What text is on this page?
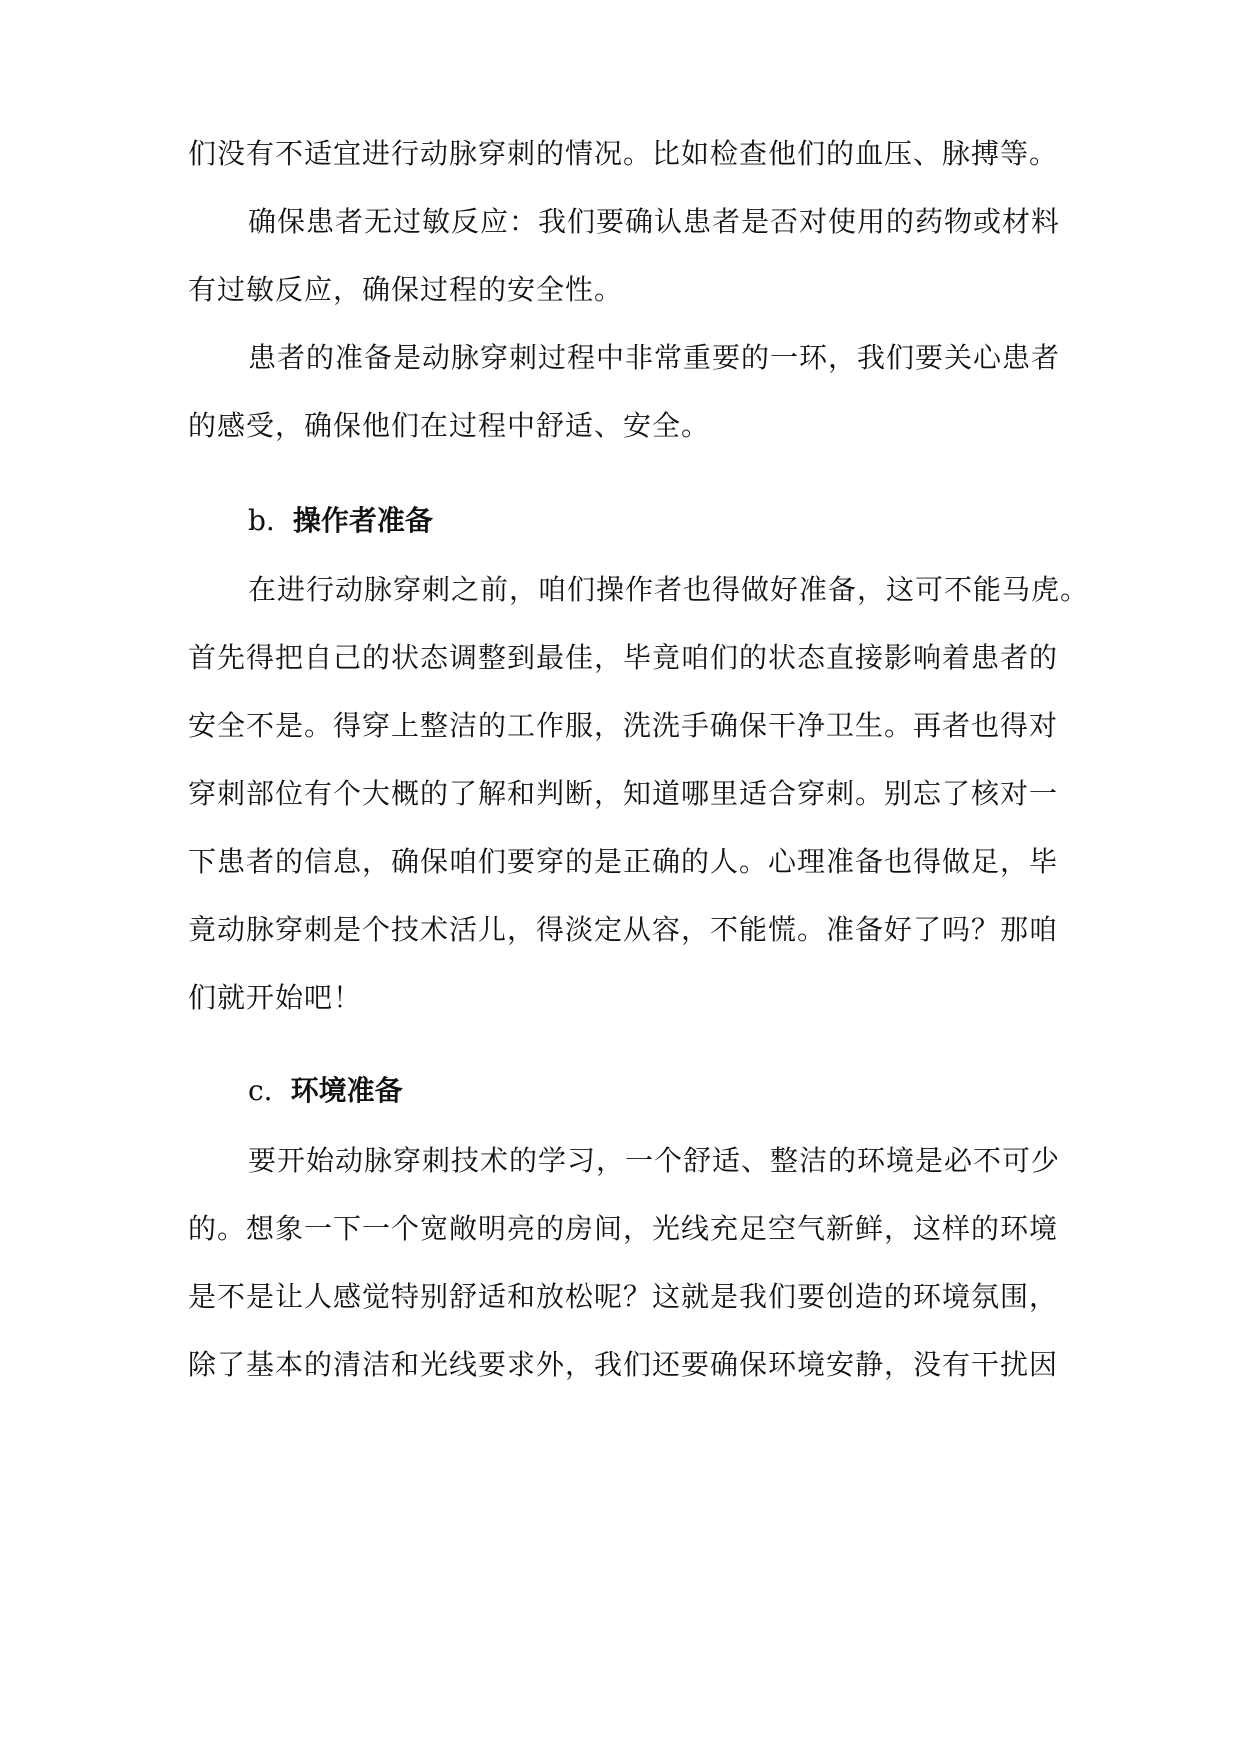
们没有不适宜进行动脉穿刺的情况。比如检查他们的血压、脉搏等。

确保患者无过敏反应：我们要确认患者是否对使用的药物或材料

有过敏反应，确保过程的安全性。

患者的准备是动脉穿刺过程中非常重要的一环，我们要关心患者

的感受，确保他们在过程中舒适、安全。

b. 操作者准备

在进行动脉穿刺之前，咱们操作者也得做好准备，这可不能马虎。

首先得把自己的状态调整到最佳，毕竟咱们的状态直接影响着患者的

安全不是。得穿上整洁的工作服，洗洗手确保干净卫生。再者也得对

穿刺部位有个大概的了解和判断，知道哪里适合穿刺。别忘了核对一

下患者的信息，确保咱们要穿的是正确的人。心理准备也得做足，毕

竟动脉穿刺是个技术活儿，得淡定从容，不能慌。准备好了吗？那咱

们就开始吧！

c. 环境准备

要开始动脉穿刺技术的学习，一个舒适、整洁的环境是必不可少

的。想象一下一个宽敞明亮的房间，光线充足空气新鲜，这样的环境

是不是让人感觉特别舒适和放松呢？这就是我们要创造的环境氛围，

除了基本的清洁和光线要求外，我们还要确保环境安静，没有干扰因
